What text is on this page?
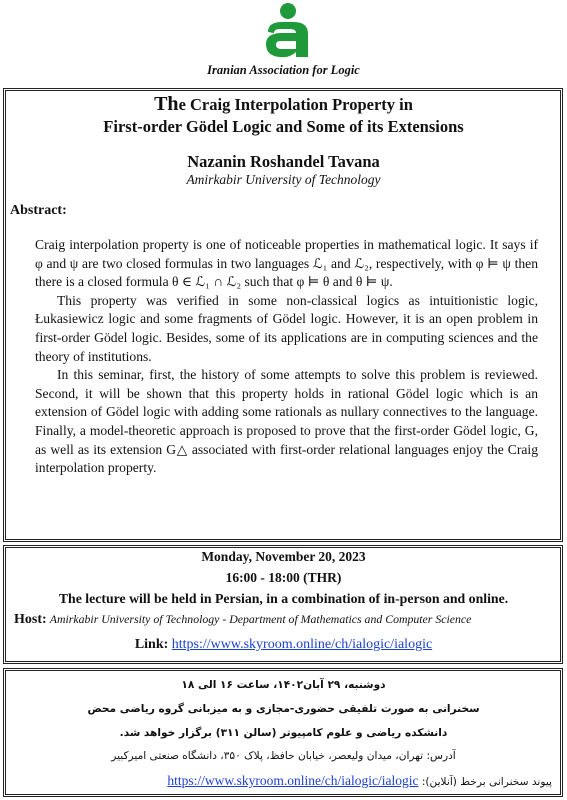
Iranian Association for Logic
The Craig Interpolation Property in
First-order Gödel Logic and Some of its Extensions
Nazanin Roshandel Tavana
Amirkabir University of Technology
Abstract:

Craig interpolation property is one of noticeable properties in mathematical logic. It says if φ and ψ are two closed formulas in two languages ℒ₁ and ℒ₂, respectively, with φ ⊨ ψ then there is a closed formula θ ∈ ℒ₁ ∩ ℒ₂ such that φ ⊨ θ and θ ⊨ ψ.

This property was verified in some non-classical logics as intuitionistic logic, Łukasiewicz logic and some fragments of Gödel logic. However, it is an open problem in first-order Gödel logic. Besides, some of its applications are in computing sciences and the theory of institutions.

In this seminar, first, the history of some attempts to solve this problem is reviewed. Second, it will be shown that this property holds in rational Gödel logic which is an extension of Gödel logic with adding some rationals as nullary connectives to the language. Finally, a model-theoretic approach is proposed to prove that the first-order Gödel logic, G, as well as its extension G△ associated with first-order relational languages enjoy the Craig interpolation property.

Monday, November 20, 2023
16:00 - 18:00 (THR)
The lecture will be held in Persian, in a combination of in-person and online.
Host: Amirkabir University of Technology - Department of Mathematics and Computer Science
Link: https://www.skyroom.online/ch/ialogic/ialogic
دوشنبه، ۲۹ آبان۱۴۰۲، ساعت ۱۶ الی ۱۸
سخنرانی به صورت تلفیقی حضوری-مجازی و به میزبانی گروه ریاضی محض
دانشکده ریاضی و علوم کامپیوتر (سالن ۳۱۱) برگزار خواهد شد.
آدرس: تهران، میدان ولیعصر، خیابان حافظ، پلاک ۳۵۰، دانشگاه صنعتی امیرکبیر
پیوند سخنرانی برخط (آنلاین): https://www.skyroom.online/ch/ialogic/ialogic
